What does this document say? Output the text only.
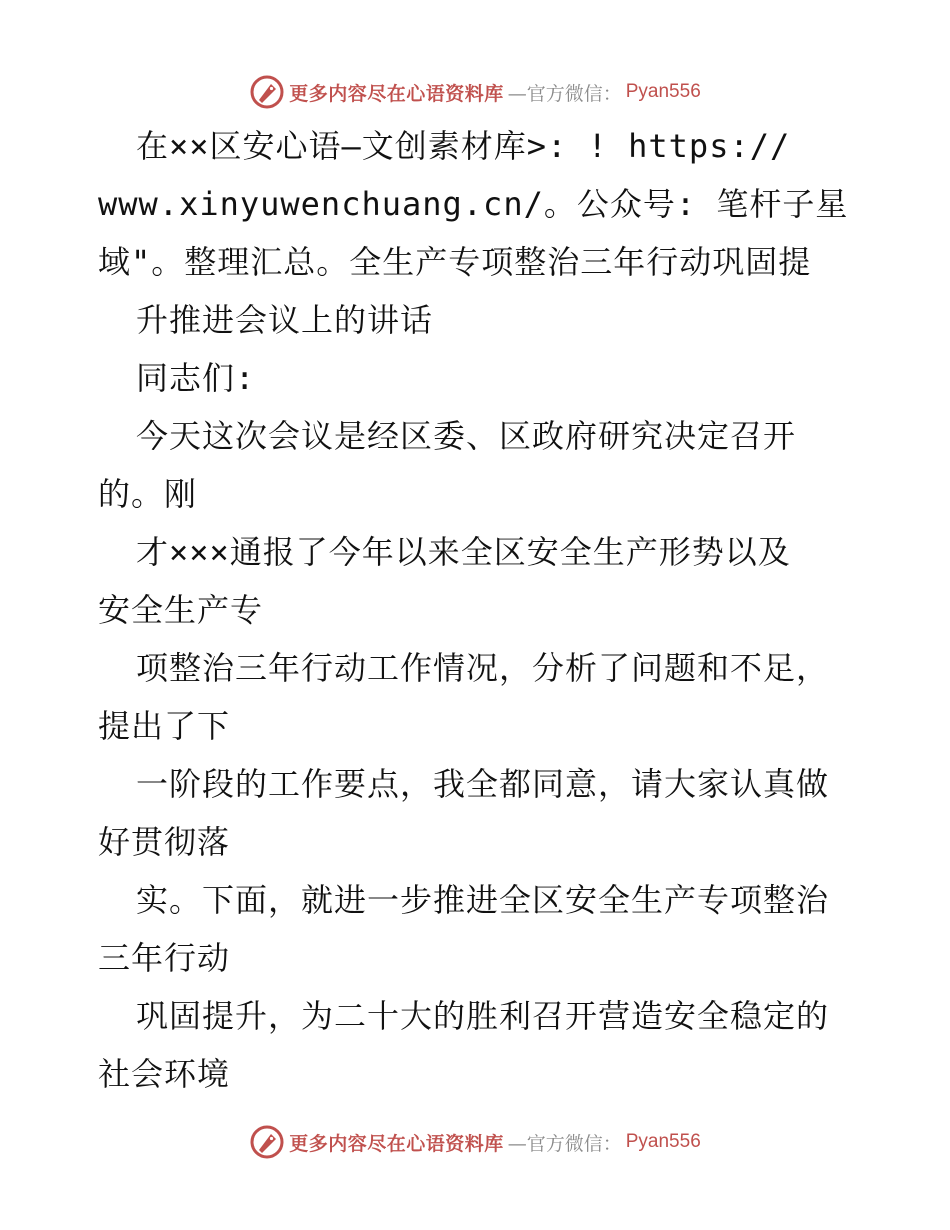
更多内容尽在心语资料库 —官方微信： Pyan556
在××区安心语—文创素材库>: ! https://
www.xinyuwenchuang.cn/。公众号: 笔杆子星
域"。整理汇总。全生产专项整治三年行动巩固提
升推进会议上的讲话
同志们:
今天这次会议是经区委、区政府研究决定召开
的。刚
才×××通报了今年以来全区安全生产形势以及
安全生产专
项整治三年行动工作情况，分析了问题和不足，
提出了下
一阶段的工作要点，我全都同意，请大家认真做
好贯彻落
实。下面，就进一步推进全区安全生产专项整治
三年行动
巩固提升，为二十大的胜利召开营造安全稳定的
社会环境
更多内容尽在心语资料库 —官方微信： Pyan556
